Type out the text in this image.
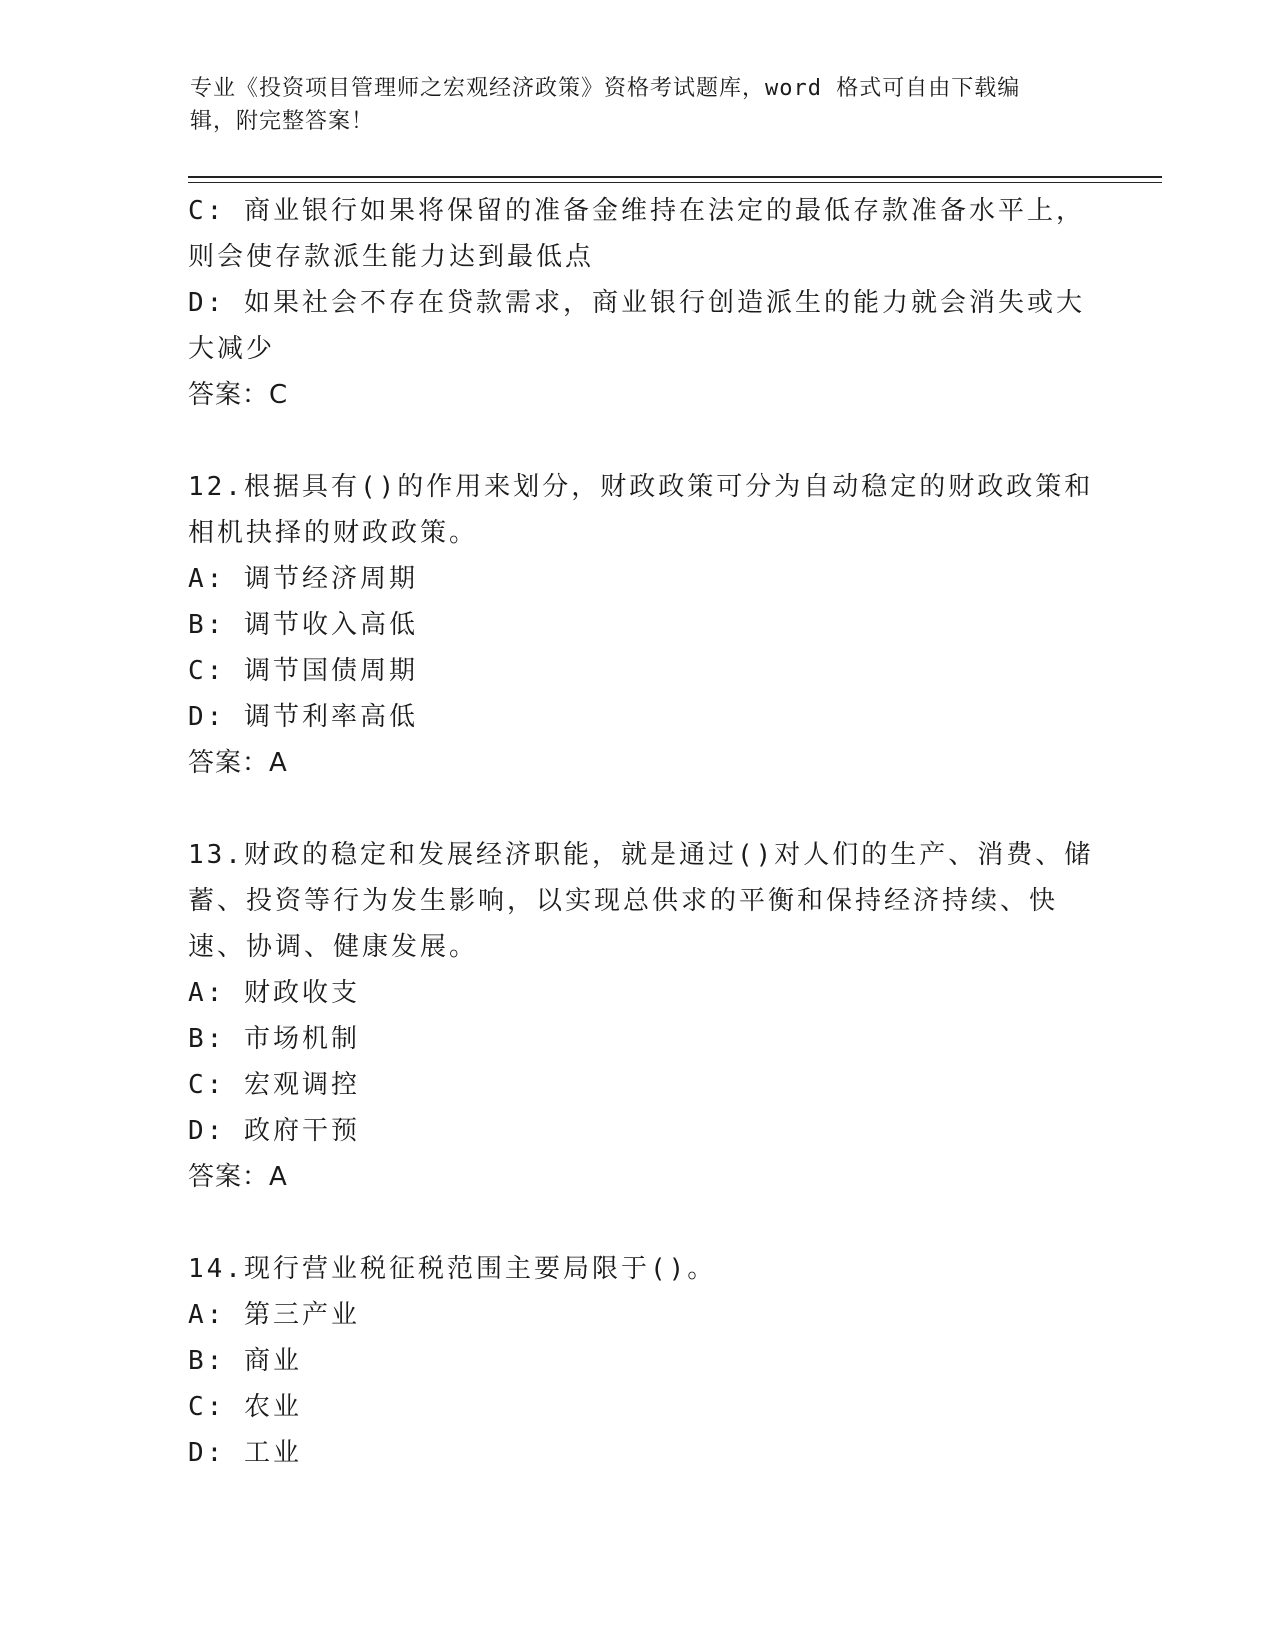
专业《投资项目管理师之宏观经济政策》资格考试题库，word 格式可自由下载编
辑，附完整答案！
C: 商业银行如果将保留的准备金维持在法定的最低存款准备水平上，
则会使存款派生能力达到最低点
D: 如果社会不存在贷款需求，商业银行创造派生的能力就会消失或大
大减少
答案：C
12.根据具有()的作用来划分，财政政策可分为自动稳定的财政政策和
相机抉择的财政政策。
A: 调节经济周期
B: 调节收入高低
C: 调节国债周期
D: 调节利率高低
答案：A
13.财政的稳定和发展经济职能，就是通过()对人们的生产、消费、储
蓄、投资等行为发生影响，以实现总供求的平衡和保持经济持续、快
速、协调、健康发展。
A: 财政收支
B: 市场机制
C: 宏观调控
D: 政府干预
答案：A
14.现行营业税征税范围主要局限于()。
A: 第三产业
B: 商业
C: 农业
D: 工业
